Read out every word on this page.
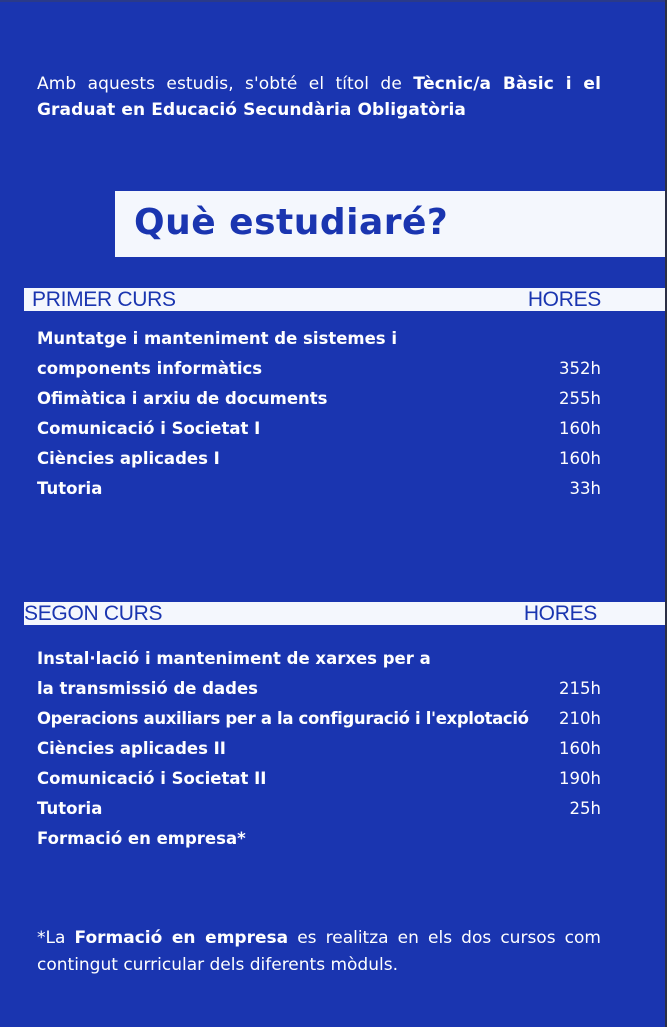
Amb aquests estudis, s'obté el títol de Tècnic/a Bàsic i el Graduat en Educació Secundària Obligatòria

Què estudiaré?
PRIMER CURS	HORES
Muntatge i manteniment de sistemes i
components informàtics	352h
Ofimàtica i arxiu de documents	255h
Comunicació i Societat I	160h
Ciències aplicades I	160h
Tutoria	33h
SEGON CURS	HORES
Instal·lació i manteniment de xarxes per a
la transmissió de dades	215h
Operacions auxiliars per a la configuració i l'explotació 210h
Ciències aplicades II	160h
Comunicació i Societat II	190h
Tutoria	25h
Formació en empresa*

*La Formació en empresa es realitza en els dos cursos com contingut curricular dels diferents mòduls.
